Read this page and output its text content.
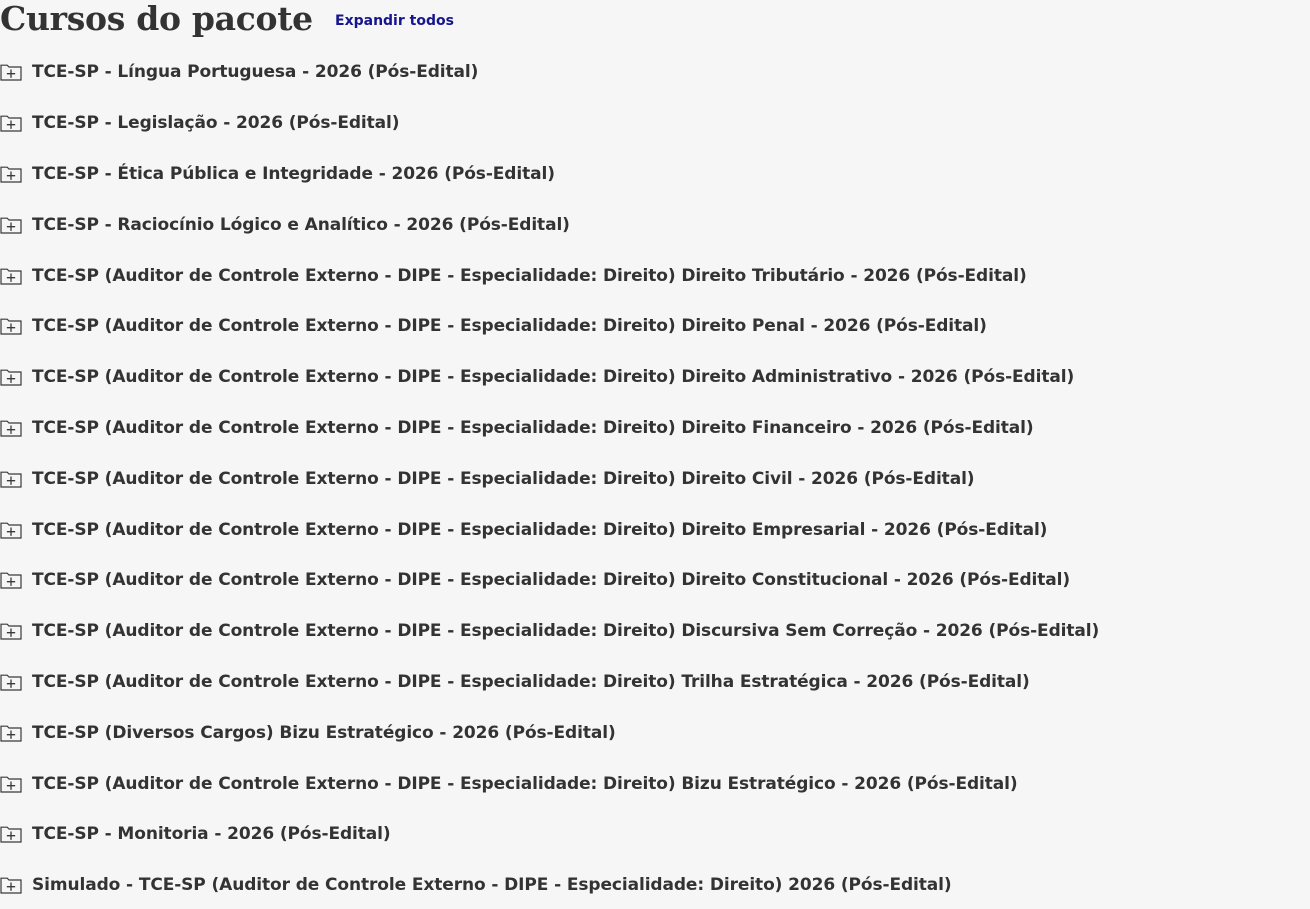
Cursos do pacote Expandir todos
TCE-SP - Língua Portuguesa - 2026 (Pós-Edital)
TCE-SP - Legislação - 2026 (Pós-Edital)
TCE-SP - Ética Pública e Integridade - 2026 (Pós-Edital)
TCE-SP - Raciocínio Lógico e Analítico - 2026 (Pós-Edital)
TCE-SP (Auditor de Controle Externo - DIPE - Especialidade: Direito) Direito Tributário - 2026 (Pós-Edital)
TCE-SP (Auditor de Controle Externo - DIPE - Especialidade: Direito) Direito Penal - 2026 (Pós-Edital)
TCE-SP (Auditor de Controle Externo - DIPE - Especialidade: Direito) Direito Administrativo - 2026 (Pós-Edital)
TCE-SP (Auditor de Controle Externo - DIPE - Especialidade: Direito) Direito Financeiro - 2026 (Pós-Edital)
TCE-SP (Auditor de Controle Externo - DIPE - Especialidade: Direito) Direito Civil - 2026 (Pós-Edital)
TCE-SP (Auditor de Controle Externo - DIPE - Especialidade: Direito) Direito Empresarial - 2026 (Pós-Edital)
TCE-SP (Auditor de Controle Externo - DIPE - Especialidade: Direito) Direito Constitucional - 2026 (Pós-Edital)
TCE-SP (Auditor de Controle Externo - DIPE - Especialidade: Direito) Discursiva Sem Correção - 2026 (Pós-Edital)
TCE-SP (Auditor de Controle Externo - DIPE - Especialidade: Direito) Trilha Estratégica - 2026 (Pós-Edital)
TCE-SP (Diversos Cargos) Bizu Estratégico - 2026 (Pós-Edital)
TCE-SP (Auditor de Controle Externo - DIPE - Especialidade: Direito) Bizu Estratégico - 2026 (Pós-Edital)
TCE-SP - Monitoria - 2026 (Pós-Edital)
Simulado - TCE-SP (Auditor de Controle Externo - DIPE - Especialidade: Direito) 2026 (Pós-Edital)
